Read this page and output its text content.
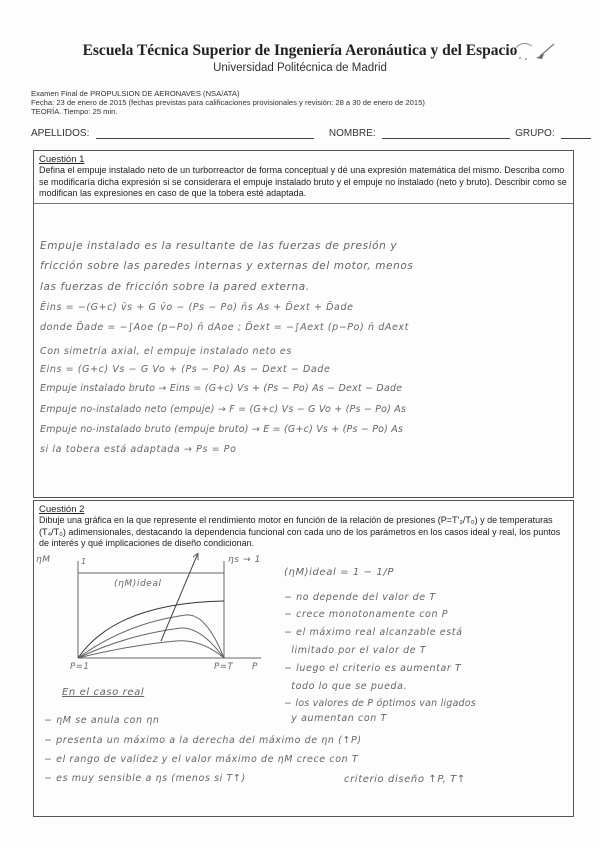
Escuela Técnica Superior de Ingeniería Aeronáutica y del Espacio
Universidad Politécnica de Madrid
Examen Final de PROPULSION DE AERONAVES (NSA/ATA)
Fecha: 23 de enero de 2015 (fechas previstas para calificaciones provisionales y revisión: 28 a 30 de enero de 2015)
TEORÍA. Tiempo: 25 min.
APELLIDOS:	NOMBRE:	GRUPO:
Cuestión 1
Defina el empuje instalado neto de un turborreactor de forma conceptual y dé una expresión matemática del mismo. Describa como se modificaría dicha expresión si se considerara el empuje instalado bruto y el empuje no instalado (neto y bruto). Describir como se modifican las expresiones en caso de que la tobera esté adaptada.
Empuje instalado es la resultante de las fuerzas de presión y
fricción sobre las paredes internas y externas del motor, menos
las fuerzas de fricción sobre la pared externa.
Ēins = −(G+c) v̄s + G v̄o − (Ps − Po) n̄s As + D̄ext + D̄ade
donde D̄ade = −∫Aoe (p−Po) n̄ dAoe ; D̄ext = −∫Aext (p−Po) n̄ dAext
Con simetría axial, el empuje instalado neto es
Eins = (G+c) Vs − G Vo + (Ps − Po) As − Dext − Dade
Empuje instalado bruto → Eins = (G+c) Vs + (Ps − Po) As − Dext − Dade
Empuje no-instalado neto (empuje) → F = (G+c) Vs − G Vo + (Ps − Po) As
Empuje no-instalado bruto (empuje bruto) → E = (G+c) Vs + (Ps − Po) As
si la tobera está adaptada → Ps = Po
Cuestión 2
Dibuje una gráfica en la que represente el rendimiento motor en función de la relación de presiones (P=T'₃/T₀) y de temperaturas (T₄/T₀) adimensionales, destacando la dependencia funcional con cada uno de los parámetros en los casos ideal y real, los puntos de interés y qué implicaciones de diseño condicionan.
ηM	1
(ηM)ideal
ηs → 1
P=1	P=T P
(ηM)ideal = 1 − 1/P
− no depende del valor de T
− crece monotonamente con P
− el máximo real alcanzable está
limitado por el valor de T
− luego el criterio es aumentar T
todo lo que se pueda.
− los valores de P óptimos van ligados
y aumentan con T
En el caso real
− ηM se anula con ηn
− presenta un máximo a la derecha del máximo de ηn (↑P)
− el rango de validez y el valor máximo de ηM crece con T
− es muy sensible a ηs (menos si T↑)	criterio diseño ↑P, T↑
